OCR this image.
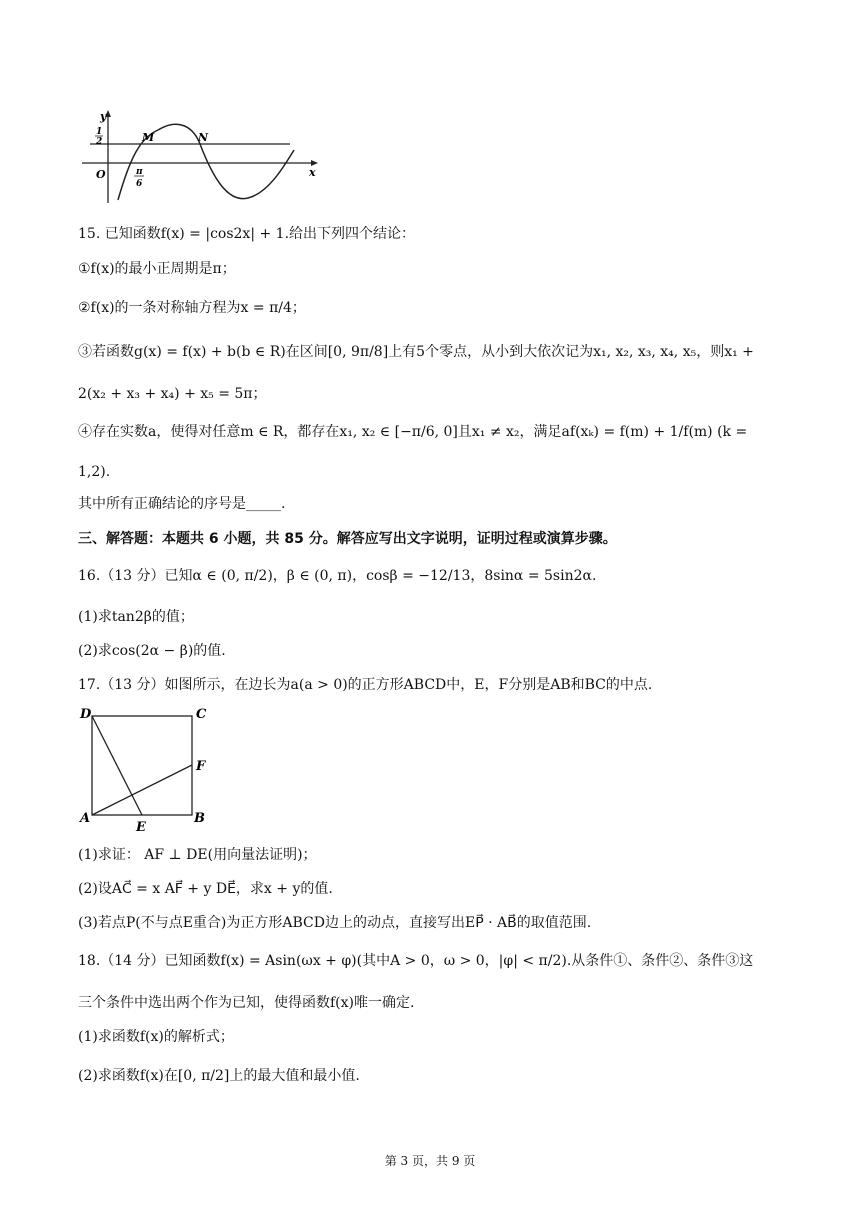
y
1
2	M	N
O	π
6
x
15. 已知函数f(x) = |cos2x| + 1.给出下列四个结论：
①f(x)的最小正周期是π；
②f(x)的一条对称轴方程为x = π/4；
③若函数g(x) = f(x) + b(b ∈ R)在区间[0, 9π/8]上有5个零点，从小到大依次记为x₁, x₂, x₃, x₄, x₅，则x₁ +
2(x₂ + x₃ + x₄) + x₅ = 5π；
④存在实数a，使得对任意m ∈ R，都存在x₁, x₂ ∈ [−π/6, 0]且x₁ ≠ x₂，满足af(xₖ) = f(m) + 1/f(m) (k =
1,2).
其中所有正确结论的序号是_____.
三、解答题：本题共 6 小题，共 85 分。解答应写出文字说明，证明过程或演算步骤。
16.（13 分）已知α ∈ (0, π/2)，β ∈ (0, π)，cosβ = −12/13，8sinα = 5sin2α.
(1)求tan2β的值；
(2)求cos(2α − β)的值.
17.（13 分）如图所示，在边长为a(a > 0)的正方形ABCD中，E，F分别是AB和BC的中点.
D	C
F
A	B
E
(1)求证： AF ⊥ DE(用向量法证明)；
(2)设AC⃗ = x AF⃗ + y DE⃗，求x + y的值.
(3)若点P(不与点E重合)为正方形ABCD边上的动点，直接写出EP⃗ · AB⃗的取值范围.
18.（14 分）已知函数f(x) = Asin(ωx + φ)(其中A > 0，ω > 0，|φ| < π/2).从条件①、条件②、条件③这
三个条件中选出两个作为已知，使得函数f(x)唯一确定.
(1)求函数f(x)的解析式；
(2)求函数f(x)在[0, π/2]上的最大值和最小值.
第 3 页，共 9 页
